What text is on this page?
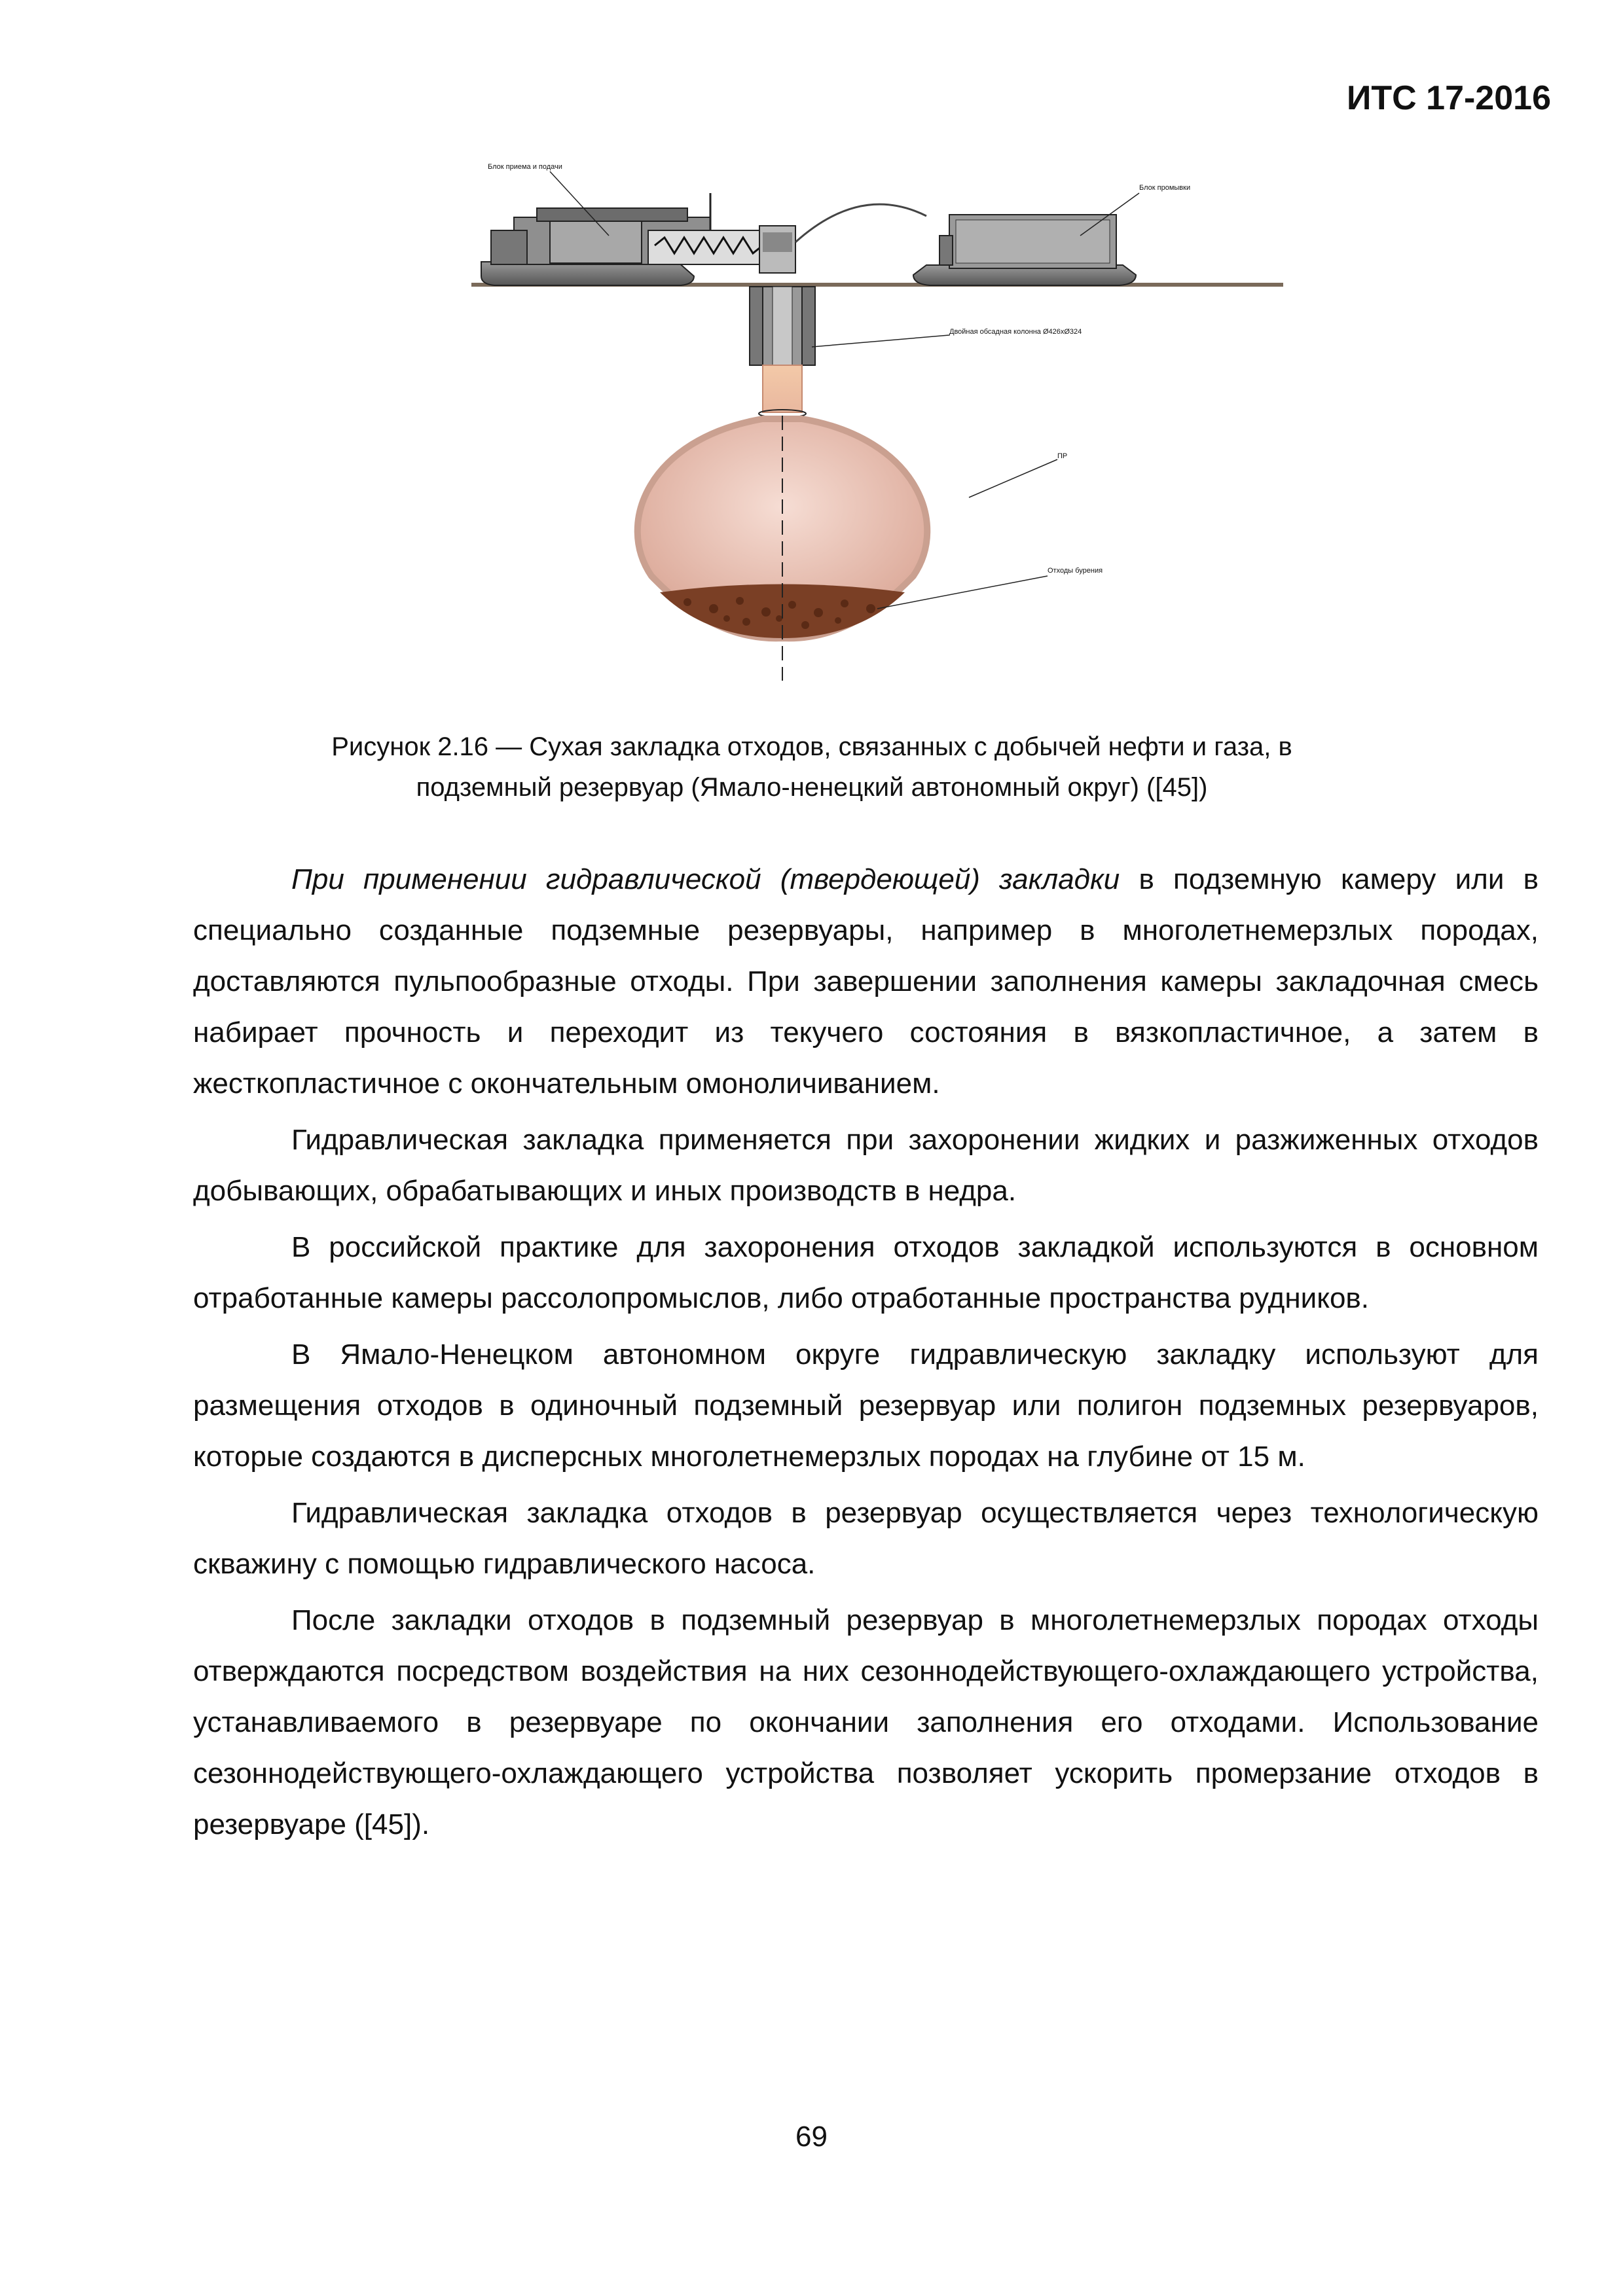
ИТС 17-2016
Блок приема и подачи
Блок промывки
Двойная обсадная колонна Ø426хØ324
ПР
Отходы бурения
Рисунок 2.16 — Сухая закладка отходов, связанных с добычей нефти и газа, в
подземный резервуар (Ямало-ненецкий автономный округ) ([45])

При применении гидравлической (твердеющей) закладки в подземную камеру или в специально созданные подземные резервуары, например в многолетнемерзлых породах, доставляются пульпообразные отходы. При завершении заполнения камеры закладочная смесь набирает прочность и переходит из текучего состояния в вязкопластичное, а затем в жесткопластичное с окончательным омоноличиванием.

Гидравлическая закладка применяется при захоронении жидких и разжиженных отходов добывающих, обрабатывающих и иных производств в недра.

В российской практике для захоронения отходов закладкой используются в основном отработанные камеры рассолопромыслов, либо отработанные пространства рудников.

В Ямало-Ненецком автономном округе гидравлическую закладку используют для размещения отходов в одиночный подземный резервуар или полигон подземных резервуаров, которые создаются в дисперсных многолетнемерзлых породах на глубине от 15 м.

Гидравлическая закладка отходов в резервуар осуществляется через технологическую скважину с помощью гидравлического насоса.

После закладки отходов в подземный резервуар в многолетнемерзлых породах отходы отверждаются посредством воздействия на них сезоннодействующего-охлаждающего устройства, устанавливаемого в резервуаре по окончании заполнения его отходами. Использование сезоннодействующего-охлаждающего устройства позволяет ускорить промерзание отходов в резервуаре ([45]).

69
